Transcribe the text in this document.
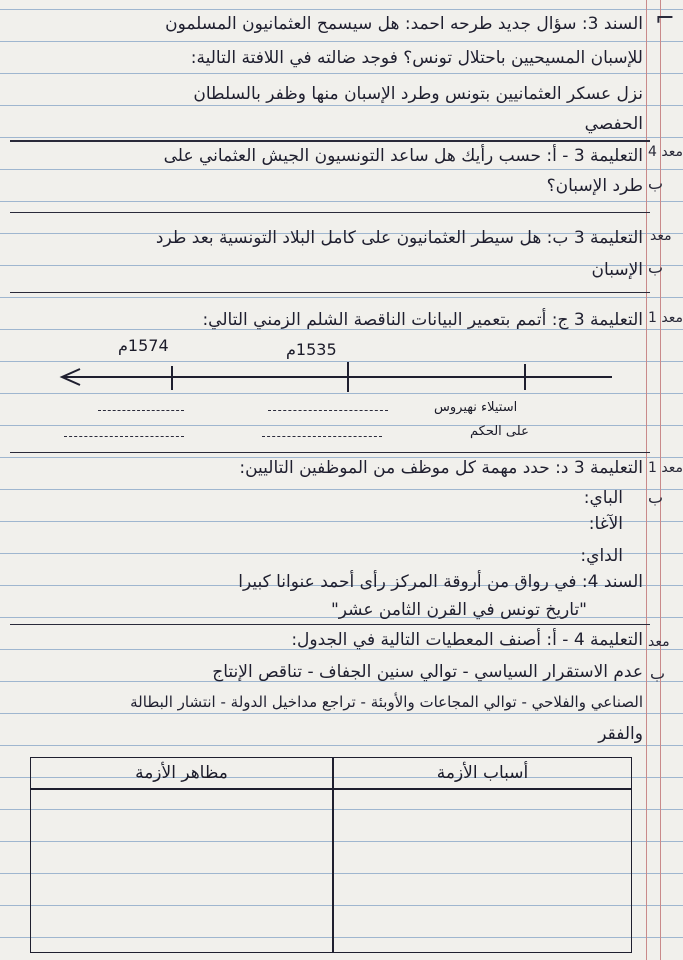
⌐
السند 3: سؤال جديد طرحه احمد: هل سيسمح العثمانيون المسلمون
للإسبان المسيحيين باحتلال تونس؟ فوجد ضالته في اللافتة التالية:
نزل عسكر العثمانيين بتونس وطرد الإسبان منها وظفر بالسلطان
الحفصي
معد 4
التعليمة 3 - أ: حسب رأيك هل ساعد التونسيون الجيش العثماني على
طرد الإسبان؟ ب
معد
التعليمة 3 ب: هل سيطر العثمانيون على كامل البلاد التونسية بعد طرد
الإسبان ب
معد 1
التعليمة 3 ج: أتمم بتعمير البيانات الناقصة الشلم الزمني التالي:
1574م	1535م
استيلاء نهيروس
على الحكم
معد 1
التعليمة 3 د: حدد مهمة كل موظف من الموظفين التاليين:
ب
الباي:
الآغا:
الداي:
السند 4: في رواق من أروقة المركز رأى أحمد عنوانا كبيرا
"تاريخ تونس في القرن الثامن عشر"
معد
التعليمة 4 - أ: أصنف المعطيات التالية في الجدول:
ب
عدم الاستقرار السياسي - توالي سنين الجفاف - تناقص الإنتاج
الصناعي والفلاحي - توالي المجاعات والأوبئة - تراجع مداخيل الدولة - انتشار البطالة
والفقر
أسباب الأزمة
مظاهر الأزمة
